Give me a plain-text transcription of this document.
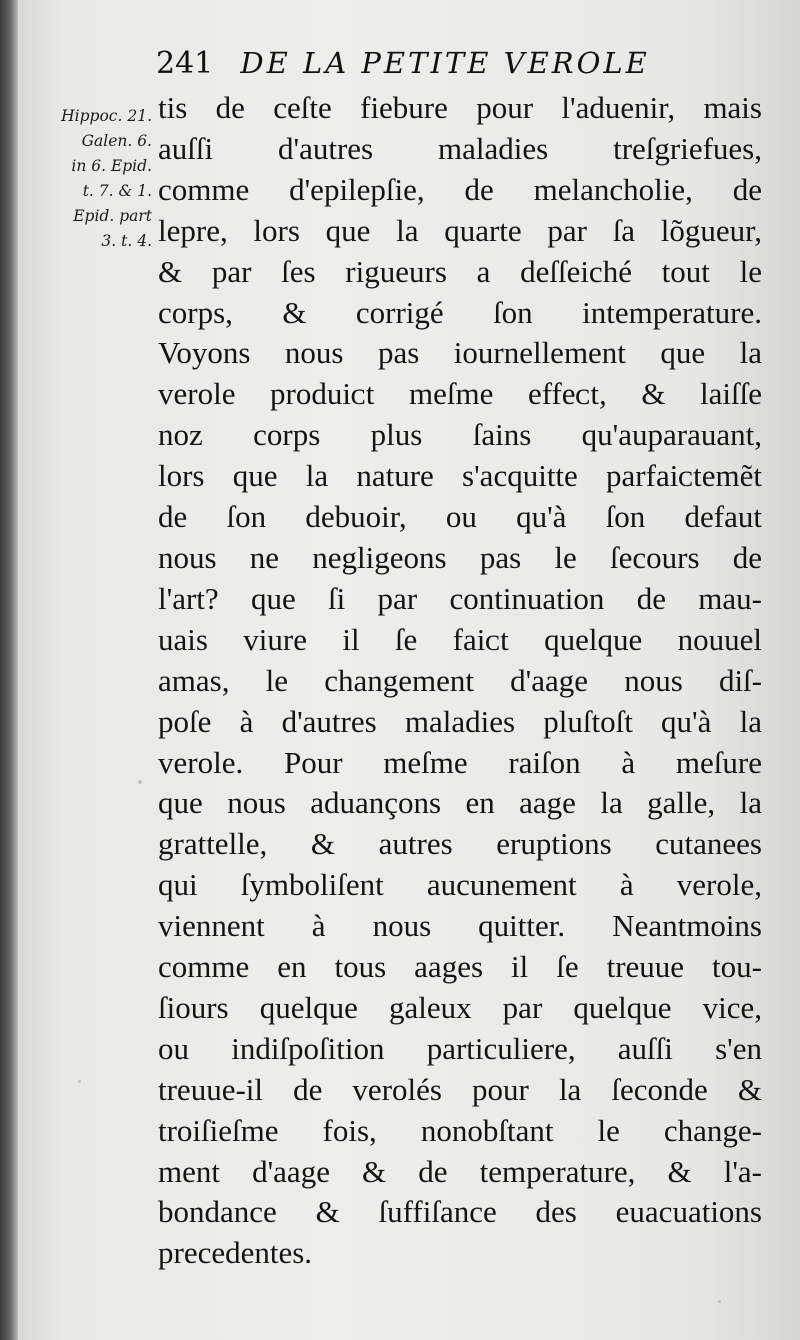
241 DE LA PETITE VEROLE
Hippoc. 21.
Galen. 6.
in 6. Epid.
t. 7. & 1.
Epid. part
3. t. 4.
tis de ceſte fiebure pour l'aduenir, mais
auſſi d'autres maladies treſgriefues,
comme d'epilepſie, de melancholie, de
lepre, lors que la quarte par ſa lõgueur,
& par ſes rigueurs a deſſeiché tout le
corps, & corrigé ſon intemperature.
Voyons nous pas iournellement que la
verole produiᴄt meſme effeᴄt, & laiſſe
noz corps plus ſains qu'auparauant,
lors que la nature s'acquitte parfaiᴄtemẽt
de ſon debuoir, ou qu'à ſon defaut
nous ne negligeons pas le ſecours de
l'art? que ſi par continuation de mau-
uais viure il ſe faiᴄt quelque nouuel
amas, le changement d'aage nous diſ-
poſe à d'autres maladies pluſtoſt qu'à la
verole. Pour meſme raiſon à meſure
que nous aduançons en aage la galle, la
grattelle, & autres eruptions cutanees
qui ſymboliſent aucunement à verole,
viennent à nous quitter. Neantmoins
comme en tous aages il ſe treuue tou-
ſiours quelque galeux par quelque vice,
ou indiſpoſition particuliere, auſſi s'en
treuue-il de verolés pour la ſeconde &
troiſieſme fois, nonobſtant le change-
ment d'aage & de temperature, & l'a-
bondance & ſuffiſance des euacuations
precedentes.
